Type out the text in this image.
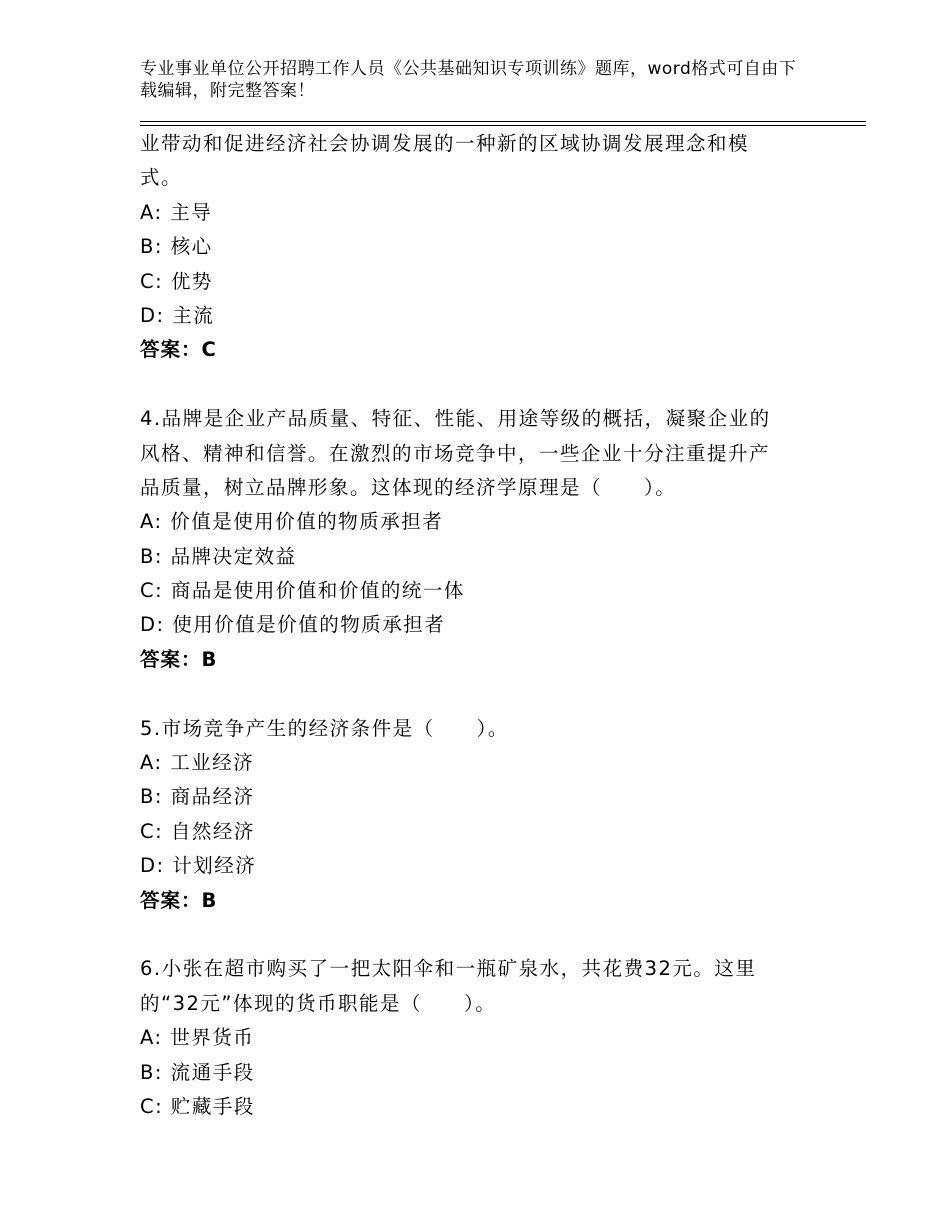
专业事业单位公开招聘工作人员《公共基础知识专项训练》题库，word格式可自由下载编辑，附完整答案！
业带动和促进经济社会协调发展的一种新的区域协调发展理念和模
式。
A: 主导
B: 核心
C: 优势
D: 主流
答案：C
4.品牌是企业产品质量、特征、性能、用途等级的概括，凝聚企业的
风格、精神和信誉。在激烈的市场竞争中，一些企业十分注重提升产
品质量，树立品牌形象。这体现的经济学原理是（　　）。
A: 价值是使用价值的物质承担者
B: 品牌决定效益
C: 商品是使用价值和价值的统一体
D: 使用价值是价值的物质承担者
答案：B
5.市场竞争产生的经济条件是（　　）。
A: 工业经济
B: 商品经济
C: 自然经济
D: 计划经济
答案：B
6.小张在超市购买了一把太阳伞和一瓶矿泉水，共花费32元。这里
的“32元”体现的货币职能是（　　）。
A: 世界货币
B: 流通手段
C: 贮藏手段
